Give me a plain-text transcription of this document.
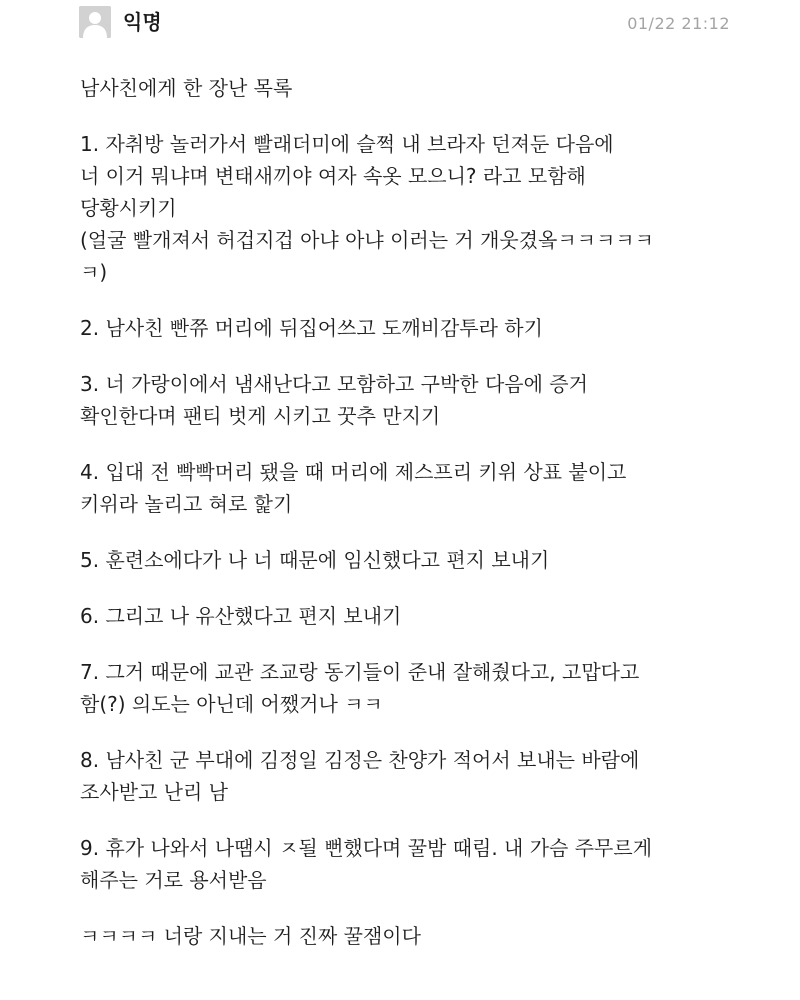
익명	01/22 21:12

남사친에게 한 장난 목록

1. 자취방 놀러가서 빨래더미에 슬쩍 내 브라자 던져둔 다음에
너 이거 뭐냐며 변태새끼야 여자 속옷 모으니? 라고 모함해
당황시키기
(얼굴 빨개져서 허겁지겁 아냐 아냐 이러는 거 개웃겼옼ㅋㅋㅋㅋㅋ
ㅋ)

2. 남사친 빤쮸 머리에 뒤집어쓰고 도깨비감투라 하기

3. 너 가랑이에서 냄새난다고 모함하고 구박한 다음에 증거
확인한다며 팬티 벗게 시키고 꿋추 만지기

4. 입대 전 빡빡머리 됐을 때 머리에 제스프리 키위 상표 붙이고
키위라 놀리고 혀로 핥기

5. 훈련소에다가 나 너 때문에 임신했다고 편지 보내기

6. 그리고 나 유산했다고 편지 보내기

7. 그거 때문에 교관 조교랑 동기들이 준내 잘해줬다고, 고맙다고
함(?) 의도는 아닌데 어쨌거나 ㅋㅋ

8. 남사친 군 부대에 김정일 김정은 찬양가 적어서 보내는 바람에
조사받고 난리 남

9. 휴가 나와서 나땜시 ㅈ될 뻔했다며 꿀밤 때림. 내 가슴 주무르게
해주는 거로 용서받음

ㅋㅋㅋㅋ 너랑 지내는 거 진짜 꿀잼이다
